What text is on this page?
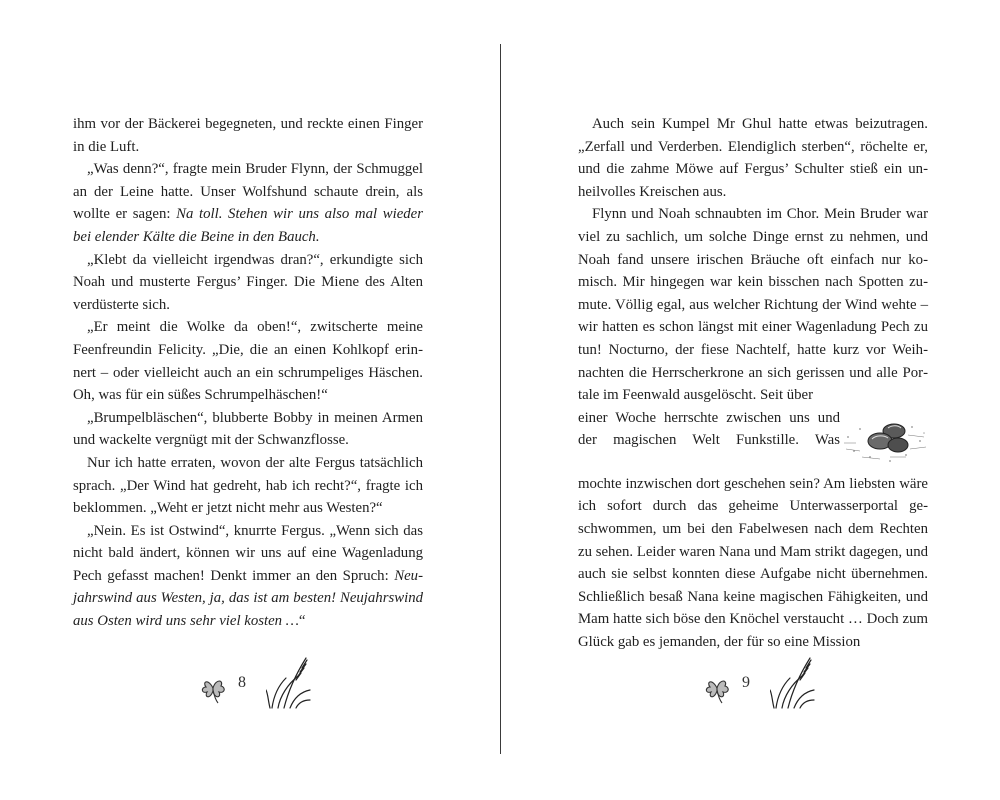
ihm vor der Bäckerei begegneten, und reckte einen Finger in die Luft.

„Was denn?“, fragte mein Bruder Flynn, der Schmuggel an der Leine hatte. Unser Wolfshund schaute drein, als wollte er sagen: Na toll. Stehen wir uns also mal wieder bei elender Kälte die Beine in den Bauch.

„Klebt da vielleicht irgendwas dran?“, erkundigte sich Noah und musterte Fergus’ Finger. Die Miene des Alten verdüsterte sich.

„Er meint die Wolke da oben!“, zwitscherte meine Feenfreundin Felicity. „Die, die an einen Kohlkopf erinnert – oder vielleicht auch an ein schrumpeliges Häschen. Oh, was für ein süßes Schrumpelhäschen!“

„Brumpelbläschen“, blubberte Bobby in meinen Armen und wackelte vergnügt mit der Schwanzflosse.

Nur ich hatte erraten, wovon der alte Fergus tatsächlich sprach. „Der Wind hat gedreht, hab ich recht?“, fragte ich beklommen. „Weht er jetzt nicht mehr aus Westen?“

„Nein. Es ist Ostwind“, knurrte Fergus. „Wenn sich das nicht bald ändert, können wir uns auf eine Wagenladung Pech gefasst machen! Denkt immer an den Spruch: Neujahrswind aus Westen, ja, das ist am besten! Neujahrswind aus Osten wird uns sehr viel kosten …“

8

Auch sein Kumpel Mr Ghul hatte etwas beizutragen. „Zerfall und Verderben. Elendiglich sterben“, röchelte er, und die zahme Möwe auf Fergus’ Schulter stieß ein unheilvolles Kreischen aus.

Flynn und Noah schnaubten im Chor. Mein Bruder war viel zu sachlich, um solche Dinge ernst zu nehmen, und Noah fand unsere irischen Bräuche oft einfach nur komisch. Mir hingegen war kein bisschen nach Spotten zumute. Völlig egal, aus welcher Richtung der Wind wehte – wir hatten es schon längst mit einer Wagenladung Pech zu tun! Nocturno, der fiese Nachtelf, hatte kurz vor Weihnachten die Herrscherkrone an sich gerissen und alle Portale im Feenwald ausgelöscht. Seit über

einer Woche herrschte zwischen uns und der magischen Welt Funkstille. Was

mochte inzwischen dort geschehen sein? Am liebsten wäre ich sofort durch das geheime Unterwasserportal geschwommen, um bei den Fabelwesen nach dem Rechten zu sehen. Leider waren Nana und Mam strikt dagegen, und auch sie selbst konnten diese Aufgabe nicht übernehmen. Schließlich besaß Nana keine magischen Fähigkeiten, und Mam hatte sich böse den Knöchel verstaucht … Doch zum Glück gab es jemanden, der für so eine Mission

9
